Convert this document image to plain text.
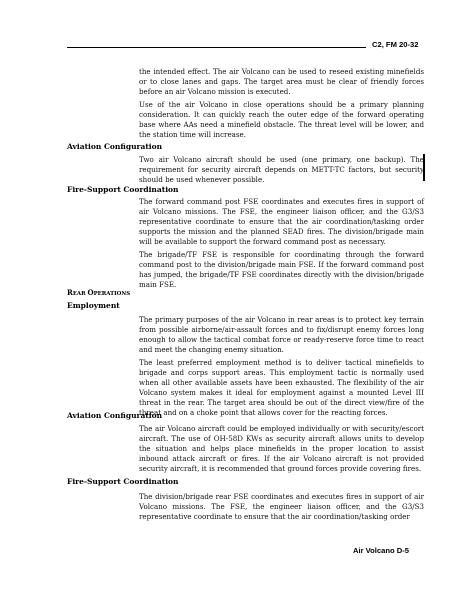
C2, FM 20-32

the intended effect. The air Volcano can be used to reseed existing minefields or to close lanes and gaps. The target area must be clear of friendly forces before an air Volcano mission is executed.

Use of the air Volcano in close operations should be a primary planning consideration. It can quickly reach the outer edge of the forward operating base where AAs need a minefield obstacle. The threat level will be lower, and the station time will increase.

Aviation Configuration

Two air Volcano aircraft should be used (one primary, one backup). The requirement for security aircraft depends on METT-TC factors, but security should be used whenever possible.

Fire-Support Coordination

The forward command post FSE coordinates and executes fires in support of air Volcano missions. The FSE, the engineer liaison officer, and the G3/S3 representative coordinate to ensure that the air coordination/tasking order supports the mission and the planned SEAD fires. The division/brigade main will be available to support the forward command post as necessary.

The brigade/TF FSE is responsible for coordinating through the forward command post to the division/brigade main FSE. If the forward command post has jumped, the brigade/TF FSE coordinates directly with the division/brigade main FSE.

REAR OPERATIONS
Employment

The primary purposes of the air Volcano in rear areas is to protect key terrain from possible airborne/air-assault forces and to fix/disrupt enemy forces long enough to allow the tactical combat force or ready-reserve force time to react and meet the changing enemy situation.

The least preferred employment method is to deliver tactical minefields to brigade and corps support areas. This employment tactic is normally used when all other available assets have been exhausted. The flexibility of the air Volcano system makes it ideal for employment against a mounted Level III threat in the rear. The target area should be out of the direct view/fire of the threat and on a choke point that allows cover for the reacting forces.

Aviation Configuration

The air Volcano aircraft could be employed individually or with security/escort aircraft. The use of OH-58D KWs as security aircraft allows units to develop the situation and helps place minefields in the proper location to assist inbound attack aircraft or fires. If the air Volcano aircraft is not provided security aircraft, it is recommended that ground forces provide covering fires.

Fire-Support Coordination

The division/brigade rear FSE coordinates and executes fires in support of air Volcano missions. The FSE, the engineer liaison officer, and the G3/S3 representative coordinate to ensure that the air coordination/tasking order

Air Volcano D-5
